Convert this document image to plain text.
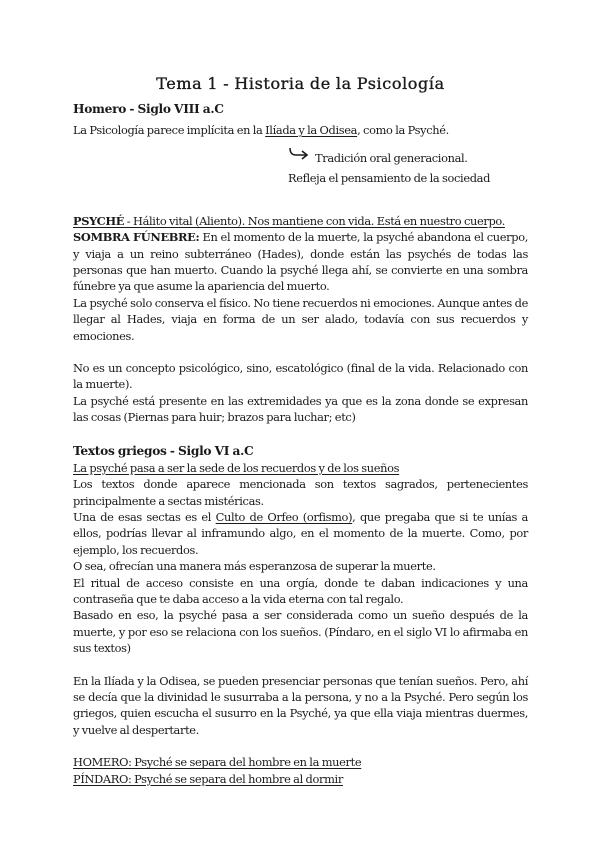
Tema 1 - Historia de la Psicología
Homero - Siglo VIII a.C

La Psicología parece implícita en la Ilíada y la Odisea, como la Psyché.

Tradición oral generacional.

Refleja el pensamiento de la sociedad

PSYCHÉ - Hálito vital (Aliento). Nos mantiene con vida. Está en nuestro cuerpo.

SOMBRA FÚNEBRE: En el momento de la muerte, la psyché abandona el cuerpo, y viaja a un reino subterráneo (Hades), donde están las psychés de todas las personas que han muerto. Cuando la psyché llega ahí, se convierte en una sombra fúnebre ya que asume la apariencia del muerto.

La psyché solo conserva el físico. No tiene recuerdos ni emociones. Aunque antes de llegar al Hades, viaja en forma de un ser alado, todavía con sus recuerdos y emociones.

No es un concepto psicológico, sino, escatológico (final de la vida. Relacionado con la muerte).

La psyché está presente en las extremidades ya que es la zona donde se expresan las cosas (Piernas para huir; brazos para luchar; etc)

Textos griegos - Siglo VI a.C

La psyché pasa a ser la sede de los recuerdos y de los sueños

Los textos donde aparece mencionada son textos sagrados, pertenecientes principalmente a sectas mistéricas.

Una de esas sectas es el Culto de Orfeo (orfismo), que pregaba que si te unías a ellos, podrías llevar al inframundo algo, en el momento de la muerte. Como, por ejemplo, los recuerdos.

O sea, ofrecían una manera más esperanzosa de superar la muerte.

El ritual de acceso consiste en una orgía, donde te daban indicaciones y una contraseña que te daba acceso a la vida eterna con tal regalo.

Basado en eso, la psyché pasa a ser considerada como un sueño después de la muerte, y por eso se relaciona con los sueños. (Píndaro, en el siglo VI lo afirmaba en sus textos)

En la Ilíada y la Odisea, se pueden presenciar personas que tenían sueños. Pero, ahí se decía que la divinidad le susurraba a la persona, y no a la Psyché. Pero según los griegos, quien escucha el susurro en la Psyché, ya que ella viaja mientras duermes, y vuelve al despertarte.

HOMERO: Psyché se separa del hombre en la muerte

PÍNDARO: Psyché se separa del hombre al dormir
